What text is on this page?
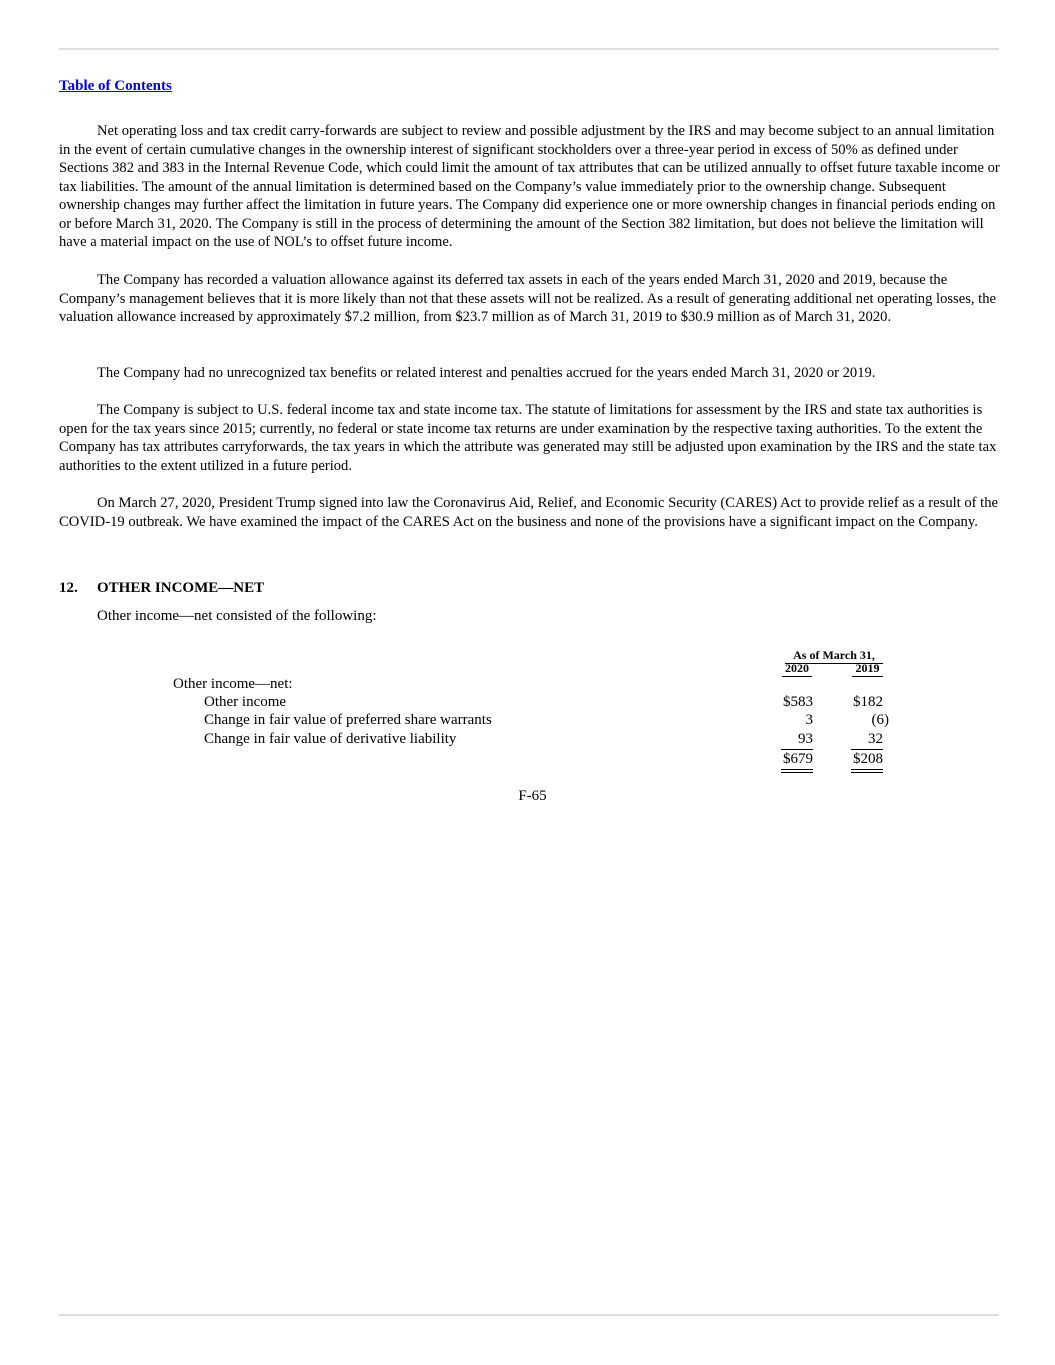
Table of Contents

Net operating loss and tax credit carry-forwards are subject to review and possible adjustment by the IRS and may become subject to an annual limitation in the event of certain cumulative changes in the ownership interest of significant stockholders over a three-year period in excess of 50% as defined under Sections 382 and 383 in the Internal Revenue Code, which could limit the amount of tax attributes that can be utilized annually to offset future taxable income or tax liabilities. The amount of the annual limitation is determined based on the Company’s value immediately prior to the ownership change. Subsequent ownership changes may further affect the limitation in future years. The Company did experience one or more ownership changes in financial periods ending on or before March 31, 2020. The Company is still in the process of determining the amount of the Section 382 limitation, but does not believe the limitation will have a material impact on the use of NOL’s to offset future income.

The Company has recorded a valuation allowance against its deferred tax assets in each of the years ended March 31, 2020 and 2019, because the Company’s management believes that it is more likely than not that these assets will not be realized. As a result of generating additional net operating losses, the valuation allowance increased by approximately $7.2 million, from $23.7 million as of March 31, 2019 to $30.9 million as of March 31, 2020.

The Company had no unrecognized tax benefits or related interest and penalties accrued for the years ended March 31, 2020 or 2019.

The Company is subject to U.S. federal income tax and state income tax. The statute of limitations for assessment by the IRS and state tax authorities is open for the tax years since 2015; currently, no federal or state income tax returns are under examination by the respective taxing authorities. To the extent the Company has tax attributes carryforwards, the tax years in which the attribute was generated may still be adjusted upon examination by the IRS and the state tax authorities to the extent utilized in a future period.

On March 27, 2020, President Trump signed into law the Coronavirus Aid, Relief, and Economic Security (CARES) Act to provide relief as a result of the COVID-19 outbreak. We have examined the impact of the CARES Act on the business and none of the provisions have a significant impact on the Company.

12. OTHER INCOME—NET
Other income—net consisted of the following:
As of March 31,
2020	2019
Other income—net:
Other income	$583	$182
Change in fair value of preferred share warrants	3	(6)
Change in fair value of derivative liability	93	32
$679	$208
F-65
